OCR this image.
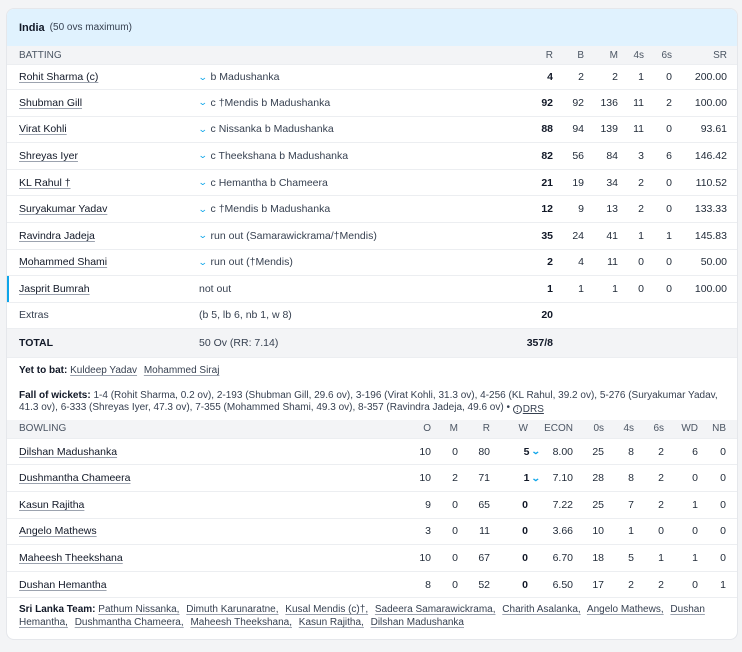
India (50 ovs maximum)
BATTING	R	B	M	4s	6s	SR
Rohit Sharma (c)	⌄ b Madushanka	4	2	2	1	0	200.00
Shubman Gill	⌄ c †Mendis b Madushanka	92	92	136	11	2	100.00
Virat Kohli	⌄ c Nissanka b Madushanka	88	94	139	11	0	93.61
Shreyas Iyer	⌄ c Theekshana b Madushanka	82	56	84	3	6	146.42
KL Rahul †	⌄ c Hemantha b Chameera	21	19	34	2	0	110.52
Suryakumar Yadav	⌄ c †Mendis b Madushanka	12	9	13	2	0	133.33
Ravindra Jadeja	⌄ run out (Samarawickrama/†Mendis)	35	24	41	1	1	145.83
Mohammed Shami	⌄ run out (†Mendis)	2	4	11	0	0	50.00
Jasprit Bumrah	not out	1	1	1	0	0	100.00
Extras	(b 5, lb 6, nb 1, w 8)	20
TOTAL	50 Ov (RR: 7.14)	357/8
Yet to bat: Kuldeep Yadav Mohammed Siraj
Fall of wickets: 1-4 (Rohit Sharma, 0.2 ov), 2-193 (Shubman Gill, 29.6 ov), 3-196 (Virat Kohli, 31.3 ov), 4-256 (KL Rahul, 39.2 ov), 5-276 (Suryakumar Yadav, 41.3 ov), 6-333 (Shreyas Iyer, 47.3 ov), 7-355 (Mohammed Shami, 49.3 ov), 8-357 (Ravindra Jadeja, 49.6 ov) •	i DRS
BOWLING	O	M	R	W	ECON	0s	4s	6s	WD	NB
Dilshan Madushanka	10	0	80	5 ⌄	8.00	25	8	2	6	0
Dushmantha Chameera	10	2	71	1 ⌄	7.10	28	8	2	0	0
Kasun Rajitha	9	0	65	0	7.22	25	7	2	1	0
Angelo Mathews	3	0	11	0	3.66	10	1	0	0	0
Maheesh Theekshana	10	0	67	0	6.70	18	5	1	1	0
Dushan Hemantha	8	0	52	0	6.50	17	2	2	0	1
Sri Lanka Team: Pathum Nissanka, Dimuth Karunaratne, Kusal Mendis (c)†, Sadeera Samarawickrama, Charith Asalanka, Angelo Mathews, Dushan Hemantha, Dushmantha Chameera, Maheesh Theekshana, Kasun Rajitha, Dilshan Madushanka
